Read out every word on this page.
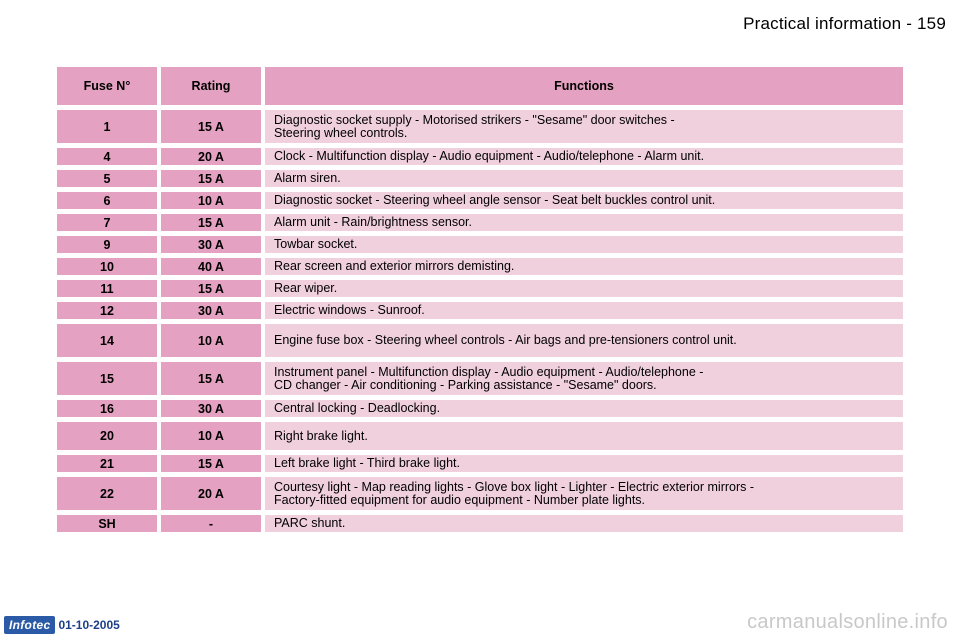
Practical information - 159
Fuse N°	Rating	Functions
1	15 A	Diagnostic socket supply - Motorised strikers - "Sesame" door switches -
Steering wheel controls.

4	20 A	Clock - Multifunction display - Audio equipment - Audio/telephone - Alarm unit.

5	15 A	Alarm siren.

6	10 A	Diagnostic socket - Steering wheel angle sensor - Seat belt buckles control unit.

7	15 A	Alarm unit - Rain/brightness sensor.

9	30 A	Towbar socket.

10	40 A	Rear screen and exterior mirrors demisting.

11	15 A	Rear wiper.

12	30 A	Electric windows - Sunroof.

14	10 A	Engine fuse box - Steering wheel controls - Air bags and pre-tensioners control unit.

15	15 A	Instrument panel - Multifunction display - Audio equipment - Audio/telephone -
CD changer - Air conditioning - Parking assistance - "Sesame" doors.

16	30 A	Central locking - Deadlocking.

20	10 A	Right brake light.

21	15 A	Left brake light - Third brake light.

22	20 A	Courtesy light - Map reading lights - Glove box light - Lighter - Electric exterior mirrors -
Factory-fitted equipment for audio equipment - Number plate lights.

SH	-	PARC shunt.
Infotec 01-10-2005	carmanualsonline.info
